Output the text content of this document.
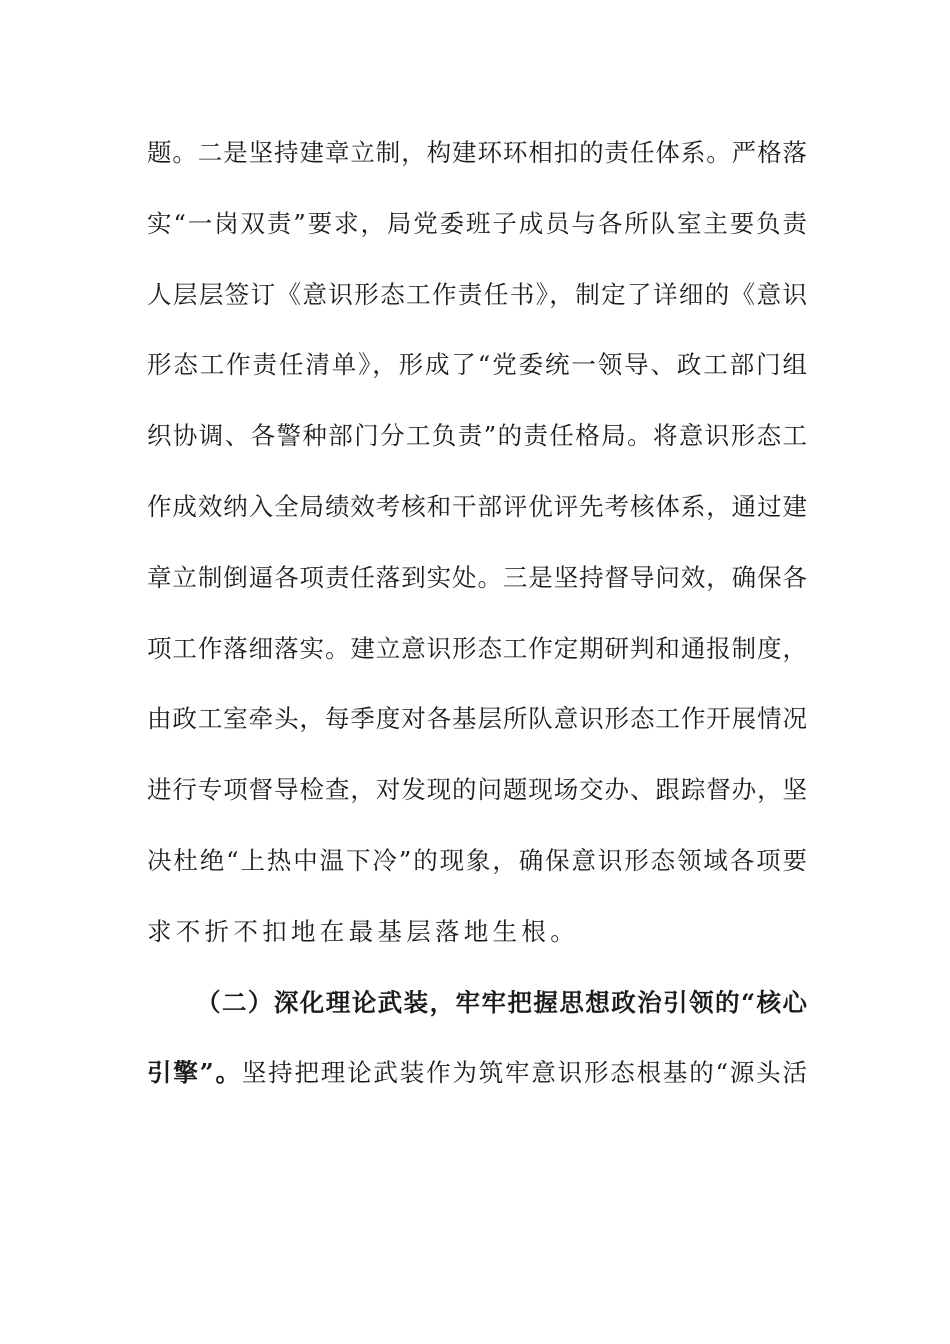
题。二是坚持建章立制，构建环环相扣的责任体系。严格落
实“一岗双责”要求，局党委班子成员与各所队室主要负责
人层层签订《意识形态工作责任书》，制定了详细的《意识
形态工作责任清单》，形成了“党委统一领导、政工部门组
织协调、各警种部门分工负责”的责任格局。将意识形态工
作成效纳入全局绩效考核和干部评优评先考核体系，通过建
章立制倒逼各项责任落到实处。三是坚持督导问效，确保各
项工作落细落实。建立意识形态工作定期研判和通报制度，
由政工室牵头，每季度对各基层所队意识形态工作开展情况
进行专项督导检查，对发现的问题现场交办、跟踪督办，坚
决杜绝“上热中温下冷”的现象，确保意识形态领域各项要
求不折不扣地在最基层落地生根。
（二）深化理论武装，牢牢把握思想政治引领的“核心
引擎”。坚持把理论武装作为筑牢意识形态根基的“源头活
